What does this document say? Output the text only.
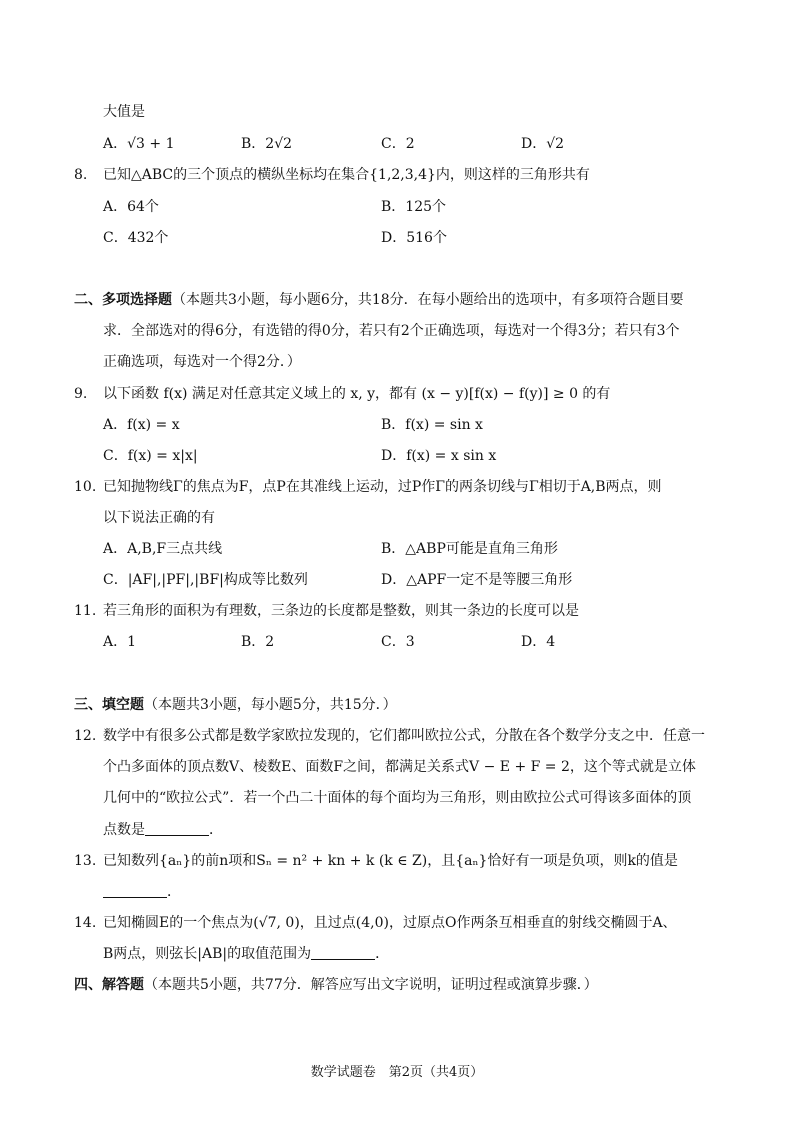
大值是
A．√3 + 1	B．2√2	C．2	D．√2
8. 已知△ABC的三个顶点的横纵坐标均在集合{1,2,3,4}内，则这样的三角形共有
A．64个	B．125个
C．432个	D．516个
二、多项选择题（本题共3小题，每小题6分，共18分．在每小题给出的选项中，有多项符合题目要
求．全部选对的得6分，有选错的得0分，若只有2个正确选项，每选对一个得3分；若只有3个
正确选项，每选对一个得2分．）
9. 以下函数 f(x) 满足对任意其定义域上的 x, y，都有 (x − y)[f(x) − f(y)] ≥ 0 的有
A．f(x) = x	B．f(x) = sin x
C．f(x) = x|x|	D．f(x) = x sin x
10. 已知抛物线Γ的焦点为F，点P在其准线上运动，过P作Γ的两条切线与Γ相切于A,B两点，则
以下说法正确的有
A．A,B,F三点共线	B．△ABP可能是直角三角形
C．|AF|,|PF|,|BF|构成等比数列	D．△APF一定不是等腰三角形
11. 若三角形的面积为有理数，三条边的长度都是整数，则其一条边的长度可以是
A．1	B．2	C．3	D．4
三、填空题（本题共3小题，每小题5分，共15分．）
12. 数学中有很多公式都是数学家欧拉发现的，它们都叫欧拉公式，分散在各个数学分支之中．任意一
个凸多面体的顶点数V、棱数E、面数F之间，都满足关系式V − E + F = 2，这个等式就是立体
几何中的“欧拉公式”．若一个凸二十面体的每个面均为三角形，则由欧拉公式可得该多面体的顶
点数是	．
13. 已知数列{aₙ}的前n项和Sₙ = n² + kn + k (k ∈ Z)，且{aₙ}恰好有一项是负项，则k的值是
．
14. 已知椭圆E的一个焦点为(√7, 0)，且过点(4,0)，过原点O作两条互相垂直的射线交椭圆于A、
B两点，则弦长|AB|的取值范围为	．
四、解答题（本题共5小题，共77分．解答应写出文字说明，证明过程或演算步骤．）
数学试题卷　第2页（共4页）
